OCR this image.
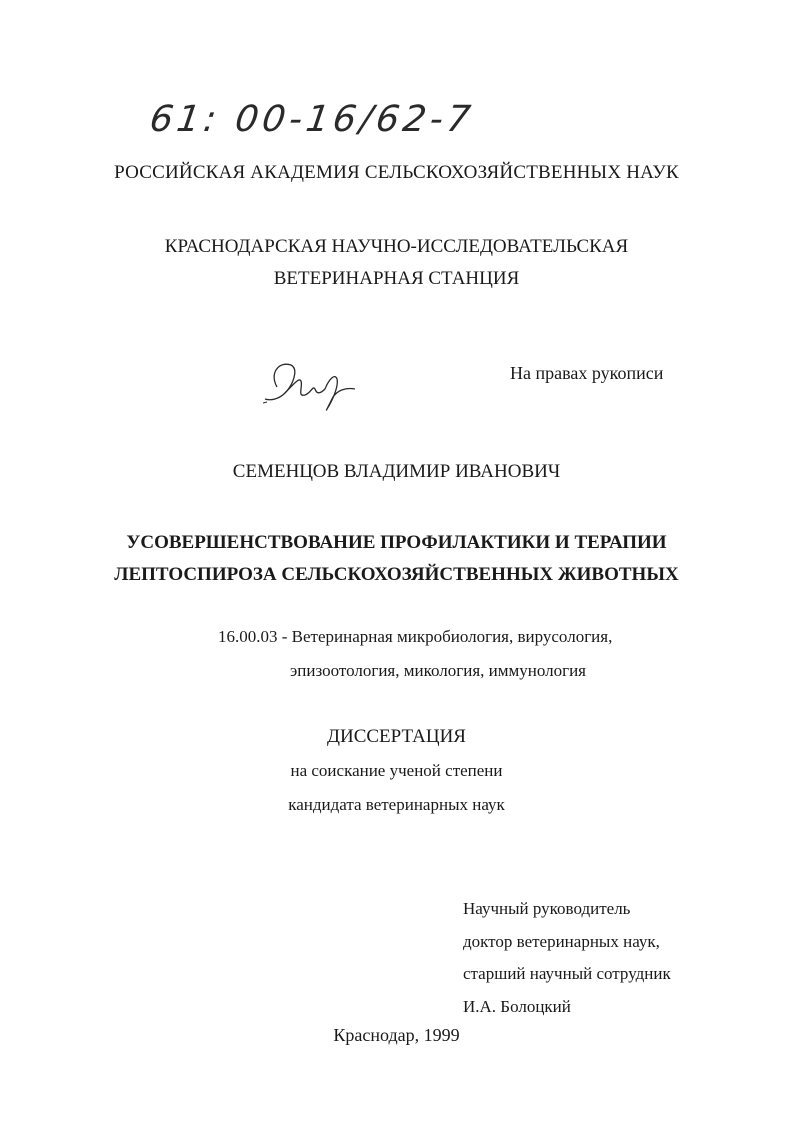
61: 00-16/62-7
РОССИЙСКАЯ АКАДЕМИЯ СЕЛЬСКОХОЗЯЙСТВЕННЫХ НАУК
КРАСНОДАРСКАЯ НАУЧНО-ИССЛЕДОВАТЕЛЬСКАЯ
ВЕТЕРИНАРНАЯ СТАНЦИЯ
На правах рукописи
СЕМЕНЦОВ ВЛАДИМИР ИВАНОВИЧ
УСОВЕРШЕНСТВОВАНИЕ ПРОФИЛАКТИКИ И ТЕРАПИИ
ЛЕПТОСПИРОЗА СЕЛЬСКОХОЗЯЙСТВЕННЫХ ЖИВОТНЫХ
16.00.03 - Ветеринарная микробиология, вирусология,
эпизоотология, микология, иммунология
ДИССЕРТАЦИЯ
на соискание ученой степени
кандидата ветеринарных наук
Научный руководитель
доктор ветеринарных наук,
старший научный сотрудник
И.А. Болоцкий
Краснодар, 1999
